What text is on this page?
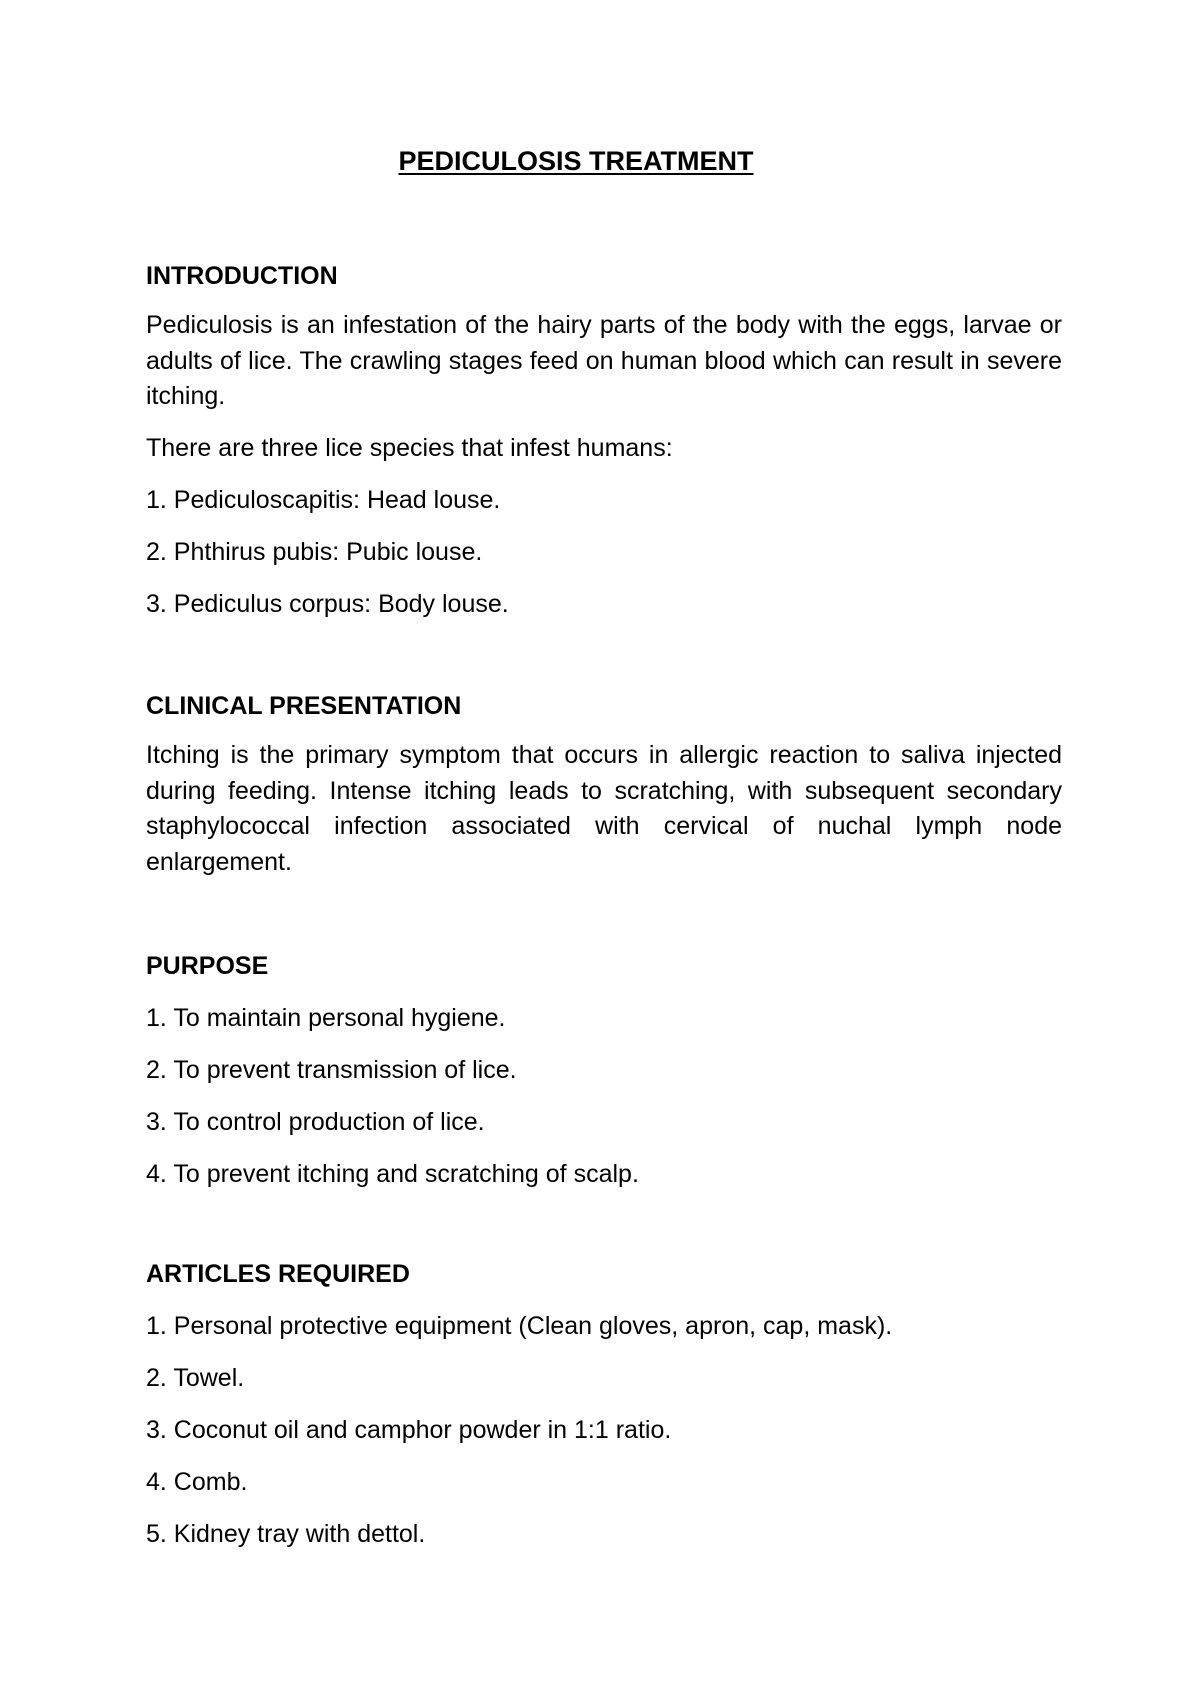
PEDICULOSIS TREATMENT

INTRODUCTION

Pediculosis is an infestation of the hairy parts of the body with the eggs, larvae or adults of lice. The crawling stages feed on human blood which can result in severe itching.

There are three lice species that infest humans:

1. Pediculoscapitis: Head louse.

2. Phthirus pubis: Pubic louse.

3. Pediculus corpus: Body louse.

CLINICAL PRESENTATION

Itching is the primary symptom that occurs in allergic reaction to saliva injected during feeding. Intense itching leads to scratching, with subsequent secondary staphylococcal infection associated with cervical of nuchal lymph node enlargement.

PURPOSE

1. To maintain personal hygiene.

2. To prevent transmission of lice.

3. To control production of lice.

4. To prevent itching and scratching of scalp.

ARTICLES REQUIRED

1. Personal protective equipment (Clean gloves, apron, cap, mask).

2. Towel.

3. Coconut oil and camphor powder in 1:1 ratio.

4. Comb.

5. Kidney tray with dettol.
